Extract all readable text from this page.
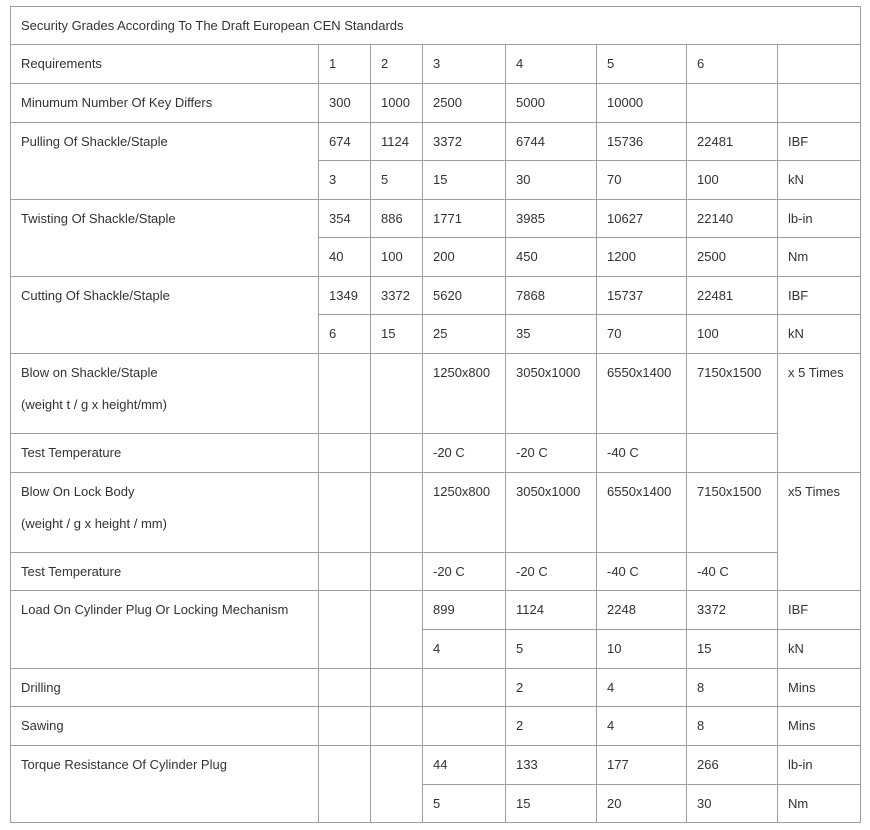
Security Grades According To The Draft European CEN Standards							

Requirements	1	2	3	4	5	6	

Minumum Number Of Key Differs	300	1000	2500	5000	10000		

Pulling Of Shackle/Staple	674	1124	3372	6744	15736	22481	IBF

	3	5	15	30	70	100	kN

Twisting Of Shackle/Staple	354	886	1771	3985	10627	22140	lb-in

	40	100	200	450	1200	2500	Nm

Cutting Of Shackle/Staple	1349	3372	5620	7868	15737	22481	IBF

	6	15	25	35	70	100	kN

Blow on Shackle/Staple
(weight t / g x height/mm)			1250x800	3050x1000	6550x1400	7150x1500	x 5 Times

Test Temperature			-20 C	-20 C	-40 C		

Blow On Lock Body
(weight / g x height / mm)			1250x800	3050x1000	6550x1400	7150x1500	x5 Times

Test Temperature			-20 C	-20 C	-40 C	-40 C	

Load On Cylinder Plug Or Locking Mechanism			899	1124	2248	3372	IBF

			4	5	10	15	kN

Drilling				2	4	8	Mins

Sawing				2	4	8	Mins

Torque Resistance Of Cylinder Plug			44	133	177	266	lb-in

			5	15	20	30	Nm
